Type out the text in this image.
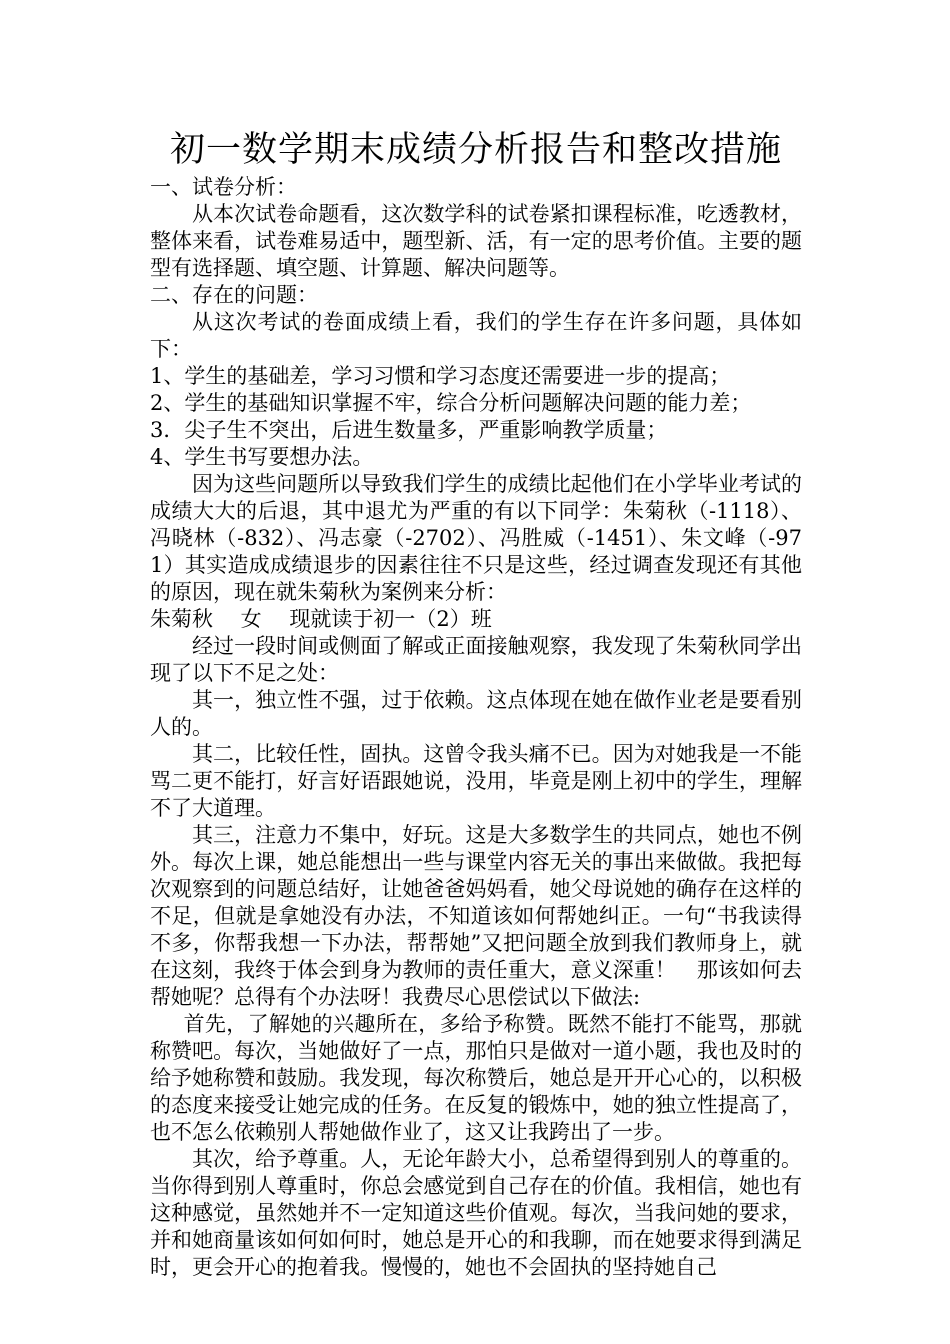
初一数学期末成绩分析报告和整改措施

一、试卷分析：

从本次试卷命题看，这次数学科的试卷紧扣课程标准，吃透教材，整体来看，试卷难易适中，题型新、活，有一定的思考价值。主要的题型有选择题、填空题、计算题、解决问题等。

二、存在的问题：

从这次考试的卷面成绩上看，我们的学生存在许多问题，具体如下：

1、学生的基础差，学习习惯和学习态度还需要进一步的提高；

2、学生的基础知识掌握不牢，综合分析问题解决问题的能力差；

3．尖子生不突出，后进生数量多，严重影响教学质量；

4、学生书写要想办法。

因为这些问题所以导致我们学生的成绩比起他们在小学毕业考试的成绩大大的后退，其中退尤为严重的有以下同学：朱菊秋（-1118）、冯晓林（-832）、冯志豪（-2702）、冯胜威（-1451）、朱文峰（-971）其实造成成绩退步的因素往往不只是这些，经过调查发现还有其他的原因，现在就朱菊秋为案例来分析：

朱菊秋　 女　 现就读于初一（2）班

经过一段时间或侧面了解或正面接触观察，我发现了朱菊秋同学出现了以下不足之处：

其一，独立性不强，过于依赖。这点体现在她在做作业老是要看别人的。

其二，比较任性，固执。这曾令我头痛不已。因为对她我是一不能骂二更不能打，好言好语跟她说，没用，毕竟是刚上初中的学生，理解不了大道理。

其三，注意力不集中，好玩。这是大多数学生的共同点，她也不例外。每次上课，她总能想出一些与课堂内容无关的事出来做做。我把每次观察到的问题总结好，让她爸爸妈妈看，她父母说她的确存在这样的不足，但就是拿她没有办法，不知道该如何帮她纠正。一句“书我读得不多，你帮我想一下办法，帮帮她”又把问题全放到我们教师身上，就在这刻，我终于体会到身为教师的责任重大，意义深重！　那该如何去帮她呢？总得有个办法呀！我费尽心思偿试以下做法:

首先，了解她的兴趣所在，多给予称赞。既然不能打不能骂，那就称赞吧。每次，当她做好了一点，那怕只是做对一道小题，我也及时的给予她称赞和鼓励。我发现，每次称赞后，她总是开开心心的，以积极的态度来接受让她完成的任务。在反复的锻炼中，她的独立性提高了，也不怎么依赖别人帮她做作业了，这又让我跨出了一步。

其次，给予尊重。人，无论年龄大小，总希望得到别人的尊重的。当你得到别人尊重时，你总会感觉到自己存在的价值。我相信，她也有这种感觉，虽然她并不一定知道这些价值观。每次，当我问她的要求，并和她商量该如何如何时，她总是开心的和我聊，而在她要求得到满足时，更会开心的抱着我。慢慢的，她也不会固执的坚持她自己
